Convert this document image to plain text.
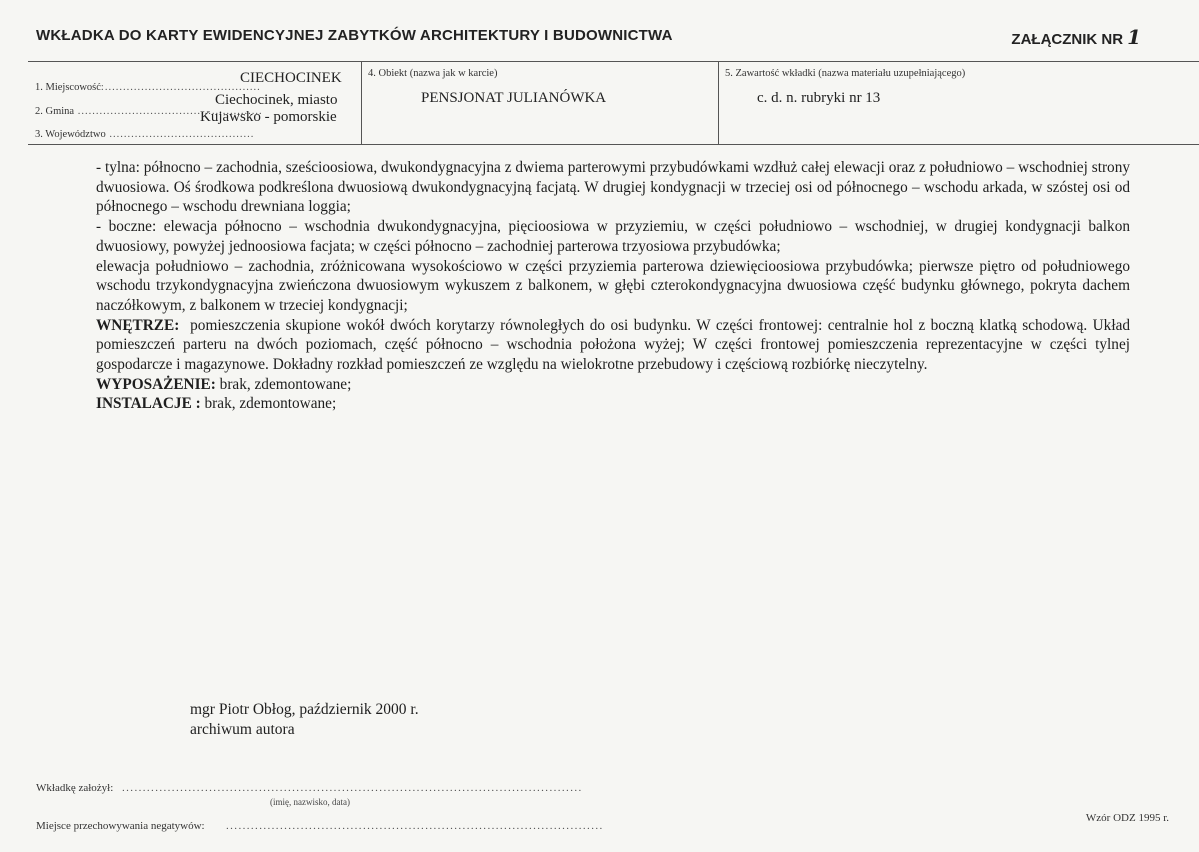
WKŁADKA DO KARTY EWIDENCYJNEJ ZABYTKÓW ARCHITEKTURY I BUDOWNICTWA	ZAŁĄCZNIK NR 1
1. Miejscowość:...........................................
CIECHOCINEK
2. Gmina ...................................................
Ciechocinek, miasto
3. Województwo ........................................
Kujawsko - pomorskie
4. Obiekt (nazwa jak w karcie)
PENSJONAT JULIANÓWKA
5. Zawartość wkładki (nazwa materiału uzupełniającego)
c. d. n. rubryki nr 13

- tylna: północno – zachodnia, sześcioosiowa, dwukondygnacyjna z dwiema parterowymi przybudówkami wzdłuż całej elewacji oraz z południowo – wschodniej strony dwuosiowa. Oś środkowa podkreślona dwuosiową dwukondygnacyjną facjatą. W drugiej kondygnacji w trzeciej osi od północnego – wschodu arkada, w szóstej osi od północnego – wschodu drewniana loggia;

- boczne: elewacja północno – wschodnia dwukondygnacyjna, pięcioosiowa w przyziemiu, w części południowo – wschodniej, w drugiej kondygnacji balkon dwuosiowy, powyżej jednoosiowa facjata; w części północno – zachodniej parterowa trzyosiowa przybudówka;

elewacja południowo – zachodnia, zróżnicowana wysokościowo w części przyziemia parterowa dziewięcioosiowa przybudówka; pierwsze piętro od południowego wschodu trzykondygnacyjna zwieńczona dwuosiowym wykuszem z balkonem, w głębi czterokondygnacyjna dwuosiowa część budynku głównego, pokryta dachem naczółkowym, z balkonem w trzeciej kondygnacji;

WNĘTRZE: pomieszczenia skupione wokół dwóch korytarzy równoległych do osi budynku. W części frontowej: centralnie hol z boczną klatką schodową. Układ pomieszczeń parteru na dwóch poziomach, część północno – wschodnia położona wyżej; W części frontowej pomieszczenia reprezentacyjne w części tylnej gospodarcze i magazynowe. Dokładny rozkład pomieszczeń ze względu na wielokrotne przebudowy i częściową rozbiórkę nieczytelny.

WYPOSAŻENIE: brak, zdemontowane;

INSTALACJE : brak, zdemontowane;

mgr Piotr Obłog, październik 2000 r.
archiwum autora
Wkładkę założył: ...............................................................................................................
(imię, nazwisko, data)
Miejsce przechowywania negatywów: ...........................................................................................
Wzór ODZ 1995 r.
